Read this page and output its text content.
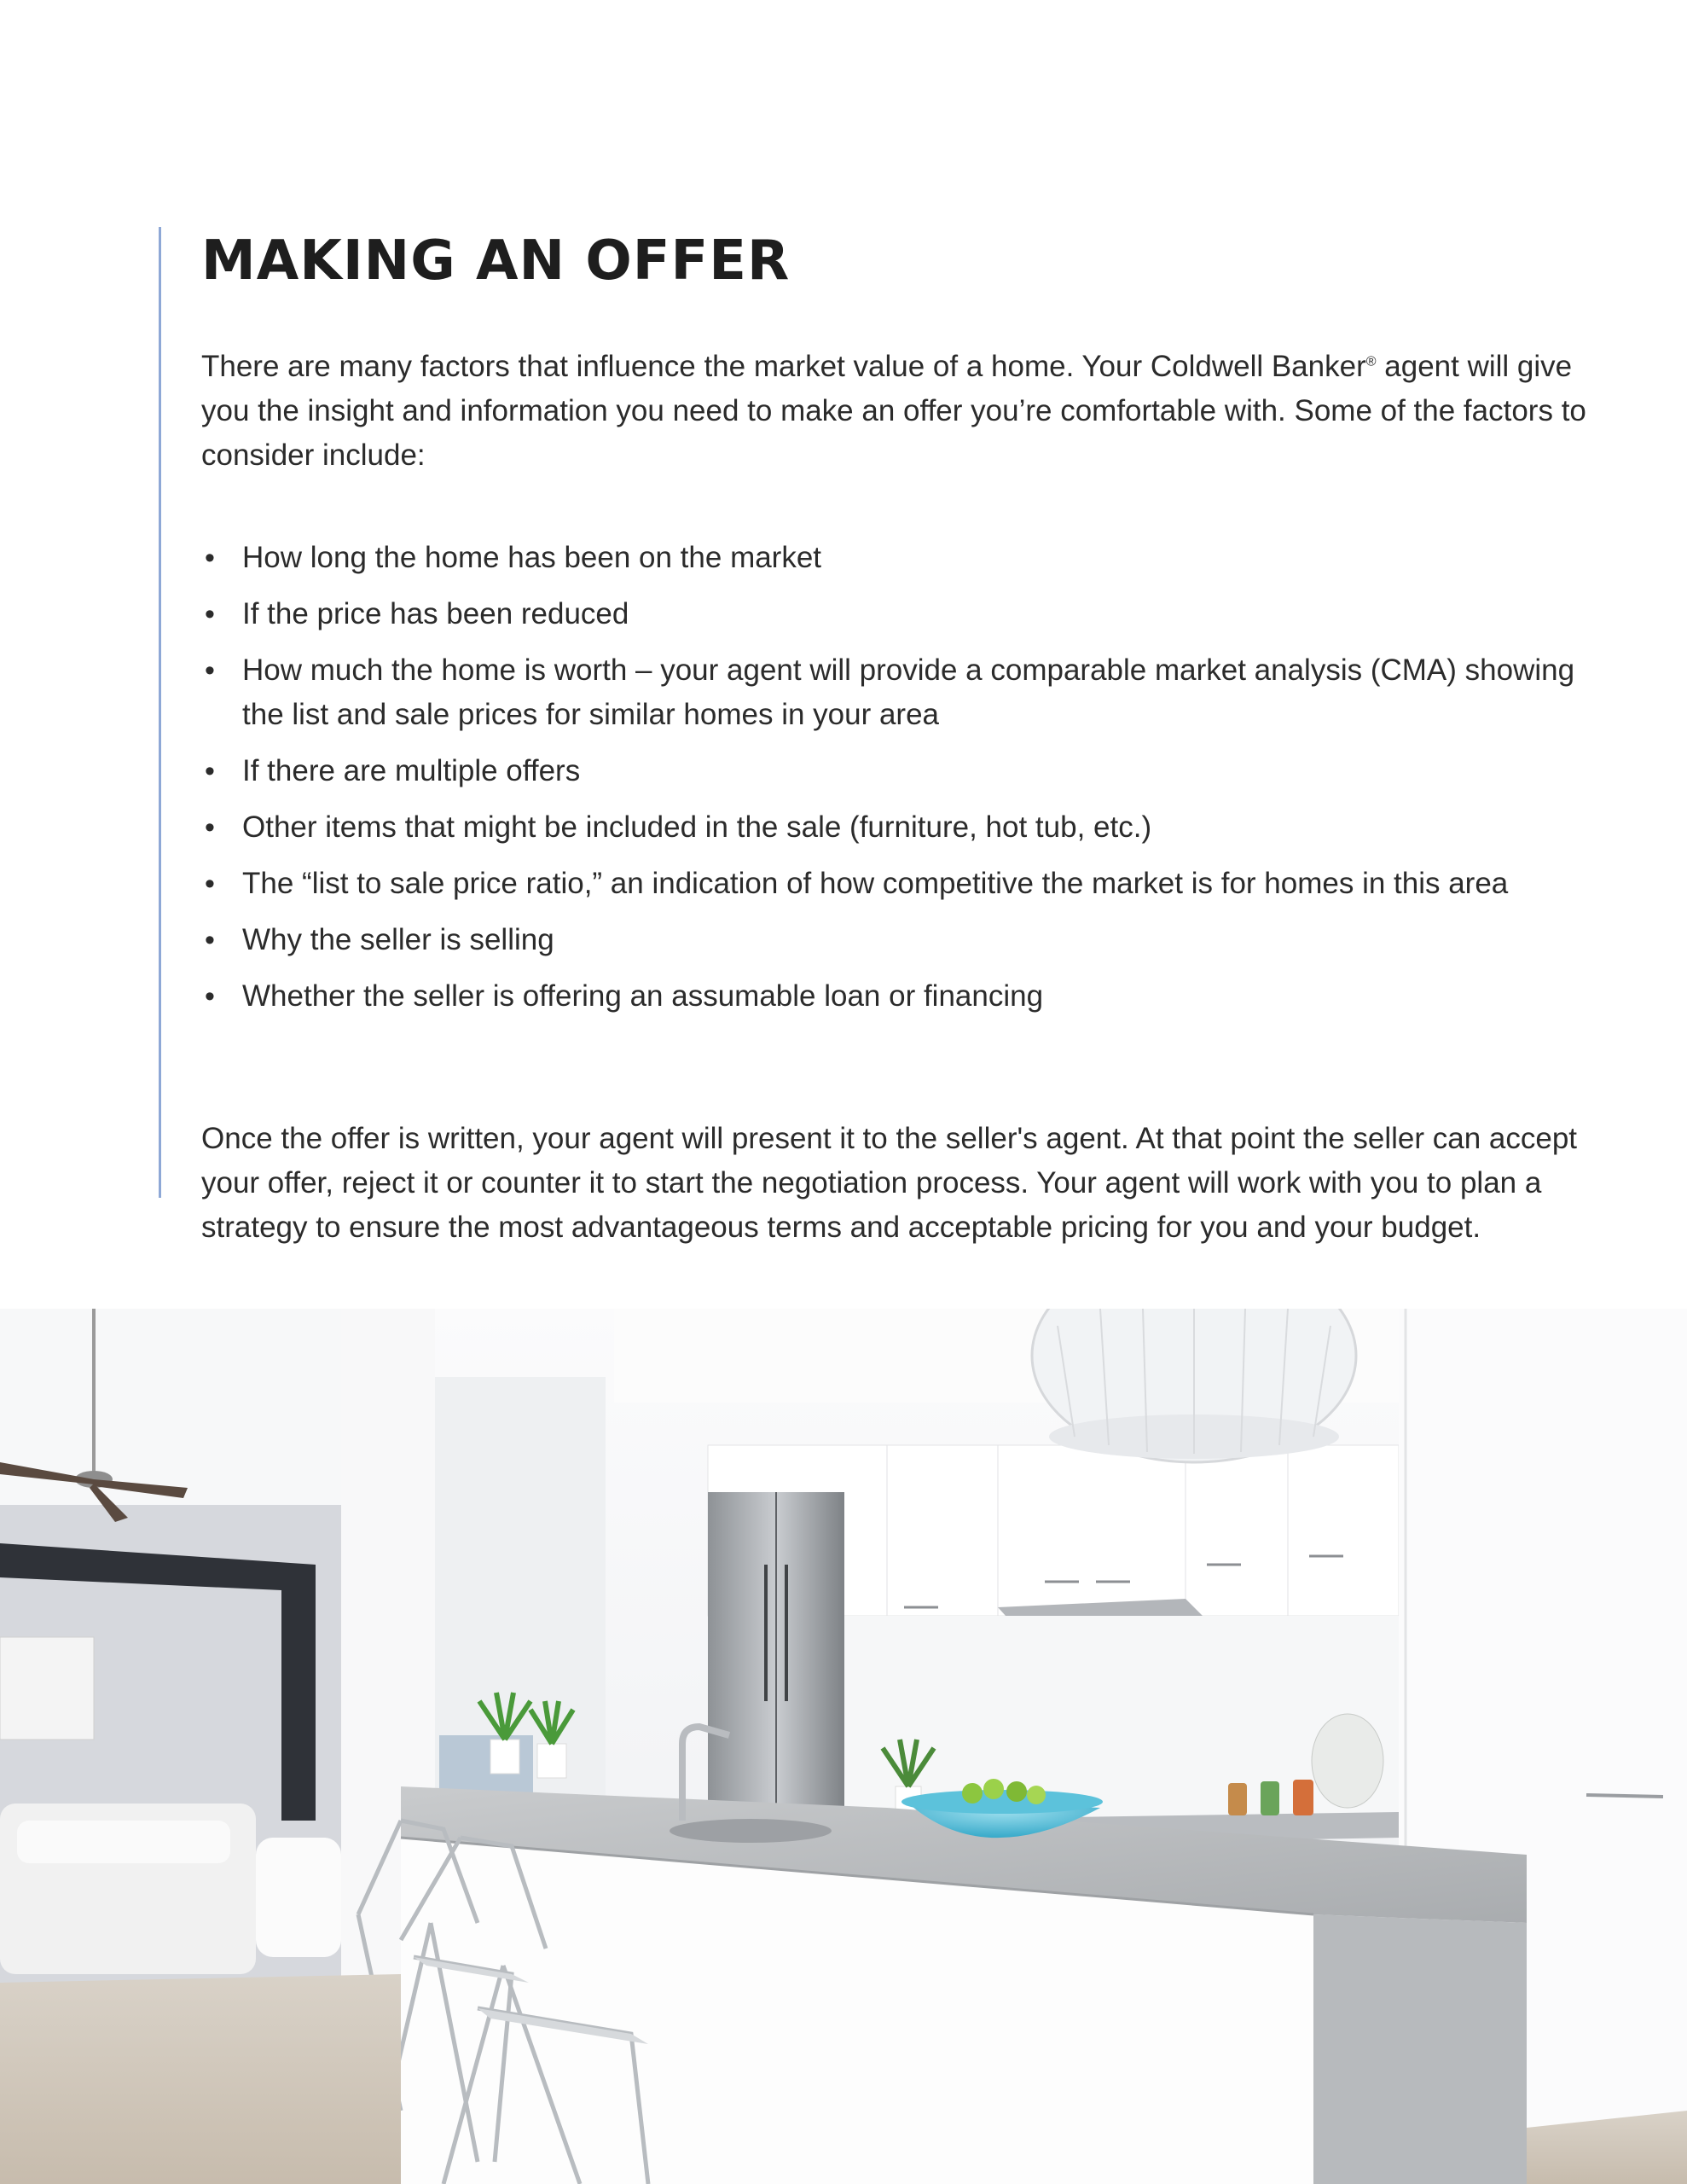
MAKING AN OFFER

There are many factors that influence the market value of a home. Your Coldwell Banker® agent will give you the insight and information you need to make an offer you’re comfortable with. Some of the factors to consider include:

• How long the home has been on the market
• If the price has been reduced
• How much the home is worth – your agent will provide a comparable market analysis (CMA) showing the list and sale prices for similar homes in your area
• If there are multiple offers
• Other items that might be included in the sale (furniture, hot tub, etc.)
• The “list to sale price ratio,” an indication of how competitive the market is for homes in this area
• Why the seller is selling
• Whether the seller is offering an assumable loan or financing

Once the offer is written, your agent will present it to the seller's agent. At that point the seller can accept your offer, reject it or counter it to start the negotiation process. Your agent will work with you to plan a strategy to ensure the most advantageous terms and acceptable pricing for you and your budget.
